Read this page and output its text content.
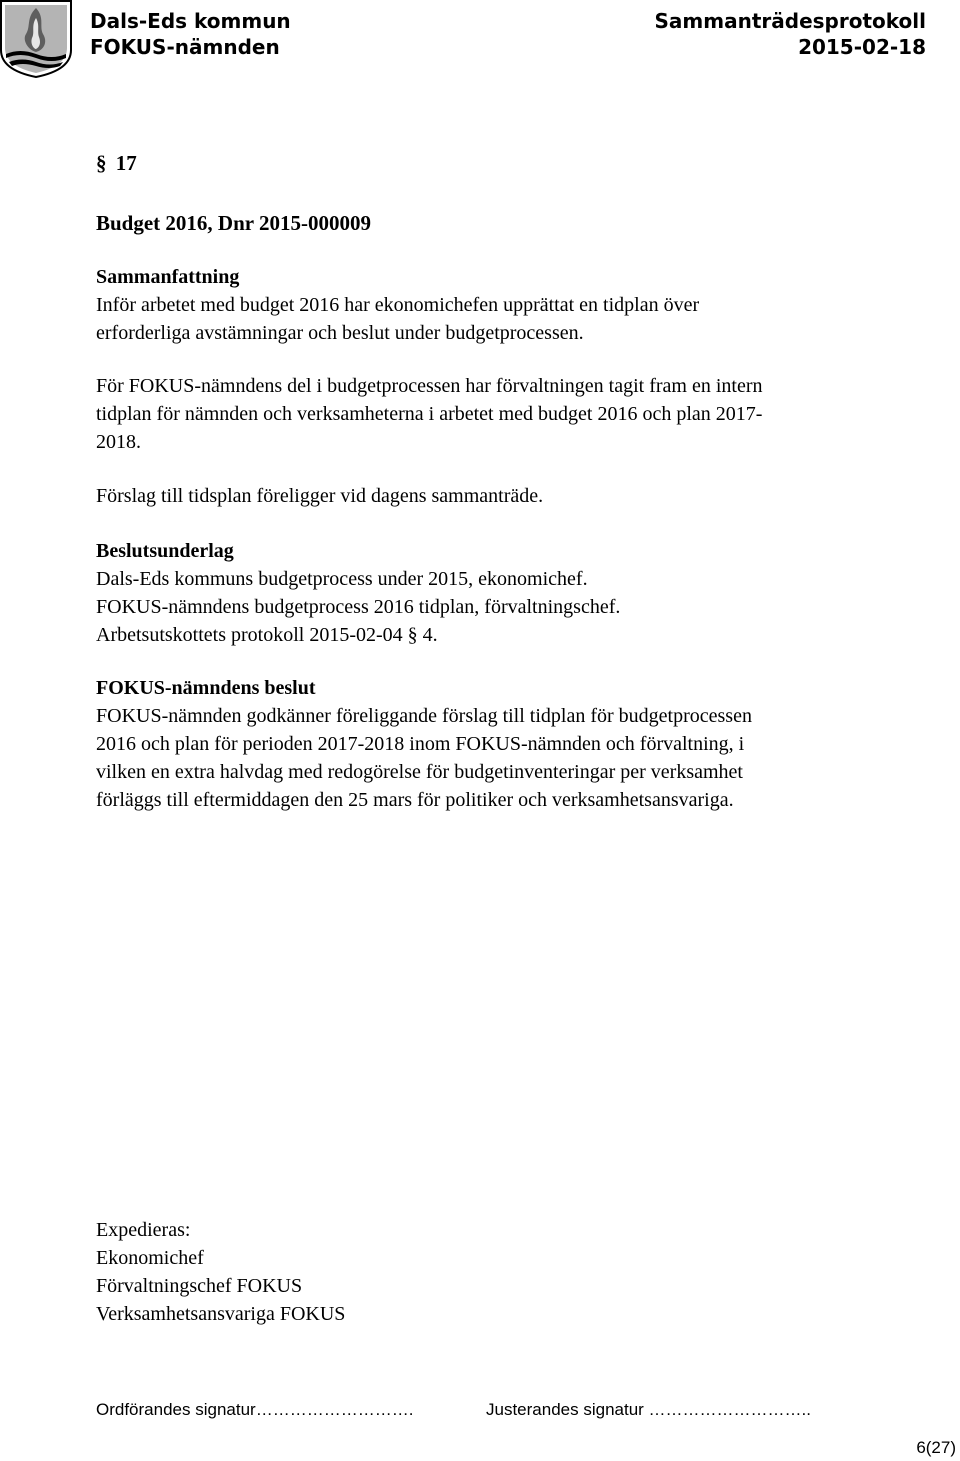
Dals-Eds kommun
FOKUS-nämnden
Sammanträdesprotokoll
2015-02-18
§ 17
Budget 2016, Dnr 2015-000009
Sammanfattning
Inför arbetet med budget 2016 har ekonomichefen upprättat en tidplan över
erforderliga avstämningar och beslut under budgetprocessen.
För FOKUS-nämndens del i budgetprocessen har förvaltningen tagit fram en intern
tidplan för nämnden och verksamheterna i arbetet med budget 2016 och plan 2017-
2018.
Förslag till tidsplan föreligger vid dagens sammanträde.
Beslutsunderlag
Dals-Eds kommuns budgetprocess under 2015, ekonomichef.
FOKUS-nämndens budgetprocess 2016 tidplan, förvaltningschef.
Arbetsutskottets protokoll 2015-02-04 § 4.
FOKUS-nämndens beslut
FOKUS-nämnden godkänner föreliggande förslag till tidplan för budgetprocessen
2016 och plan för perioden 2017-2018 inom FOKUS-nämnden och förvaltning, i
vilken en extra halvdag med redogörelse för budgetinventeringar per verksamhet
förläggs till eftermiddagen den 25 mars för politiker och verksamhetsansvariga.
Expedieras:
Ekonomichef
Förvaltningschef FOKUS
Verksamhetsansvariga FOKUS
Ordförandes signatur……………………….	Justerandes signatur ………………………..
6(27)
